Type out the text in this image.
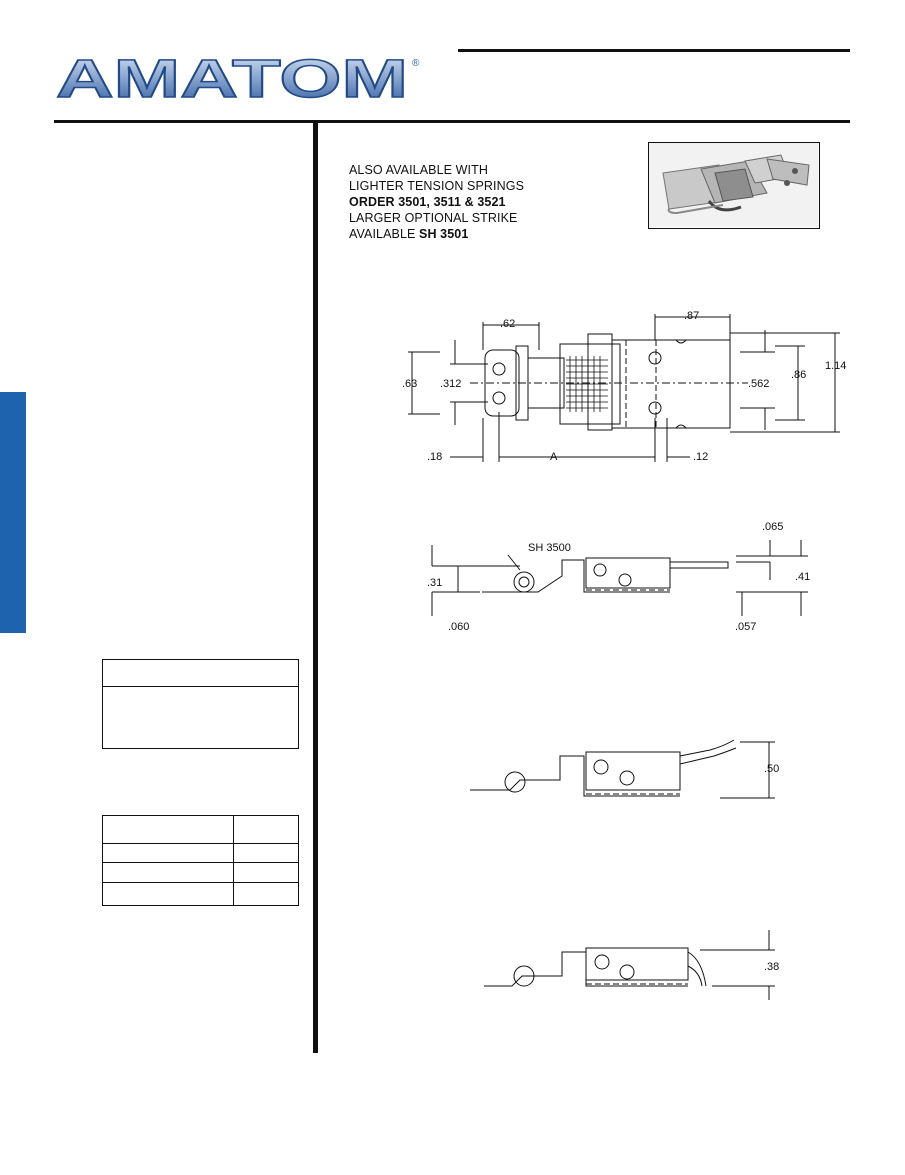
AMATOM ®
ALSO AVAILABLE WITH
LIGHTER TENSION SPRINGS
ORDER 3501, 3511 & 3521
LARGER OPTIONAL STRIKE
AVAILABLE SH 3501
.62
.87
.63 .312	.562
.86
1.14
.18	A	.12
SH 3500
.065
.31	.41
.060	.057
.50
.38
